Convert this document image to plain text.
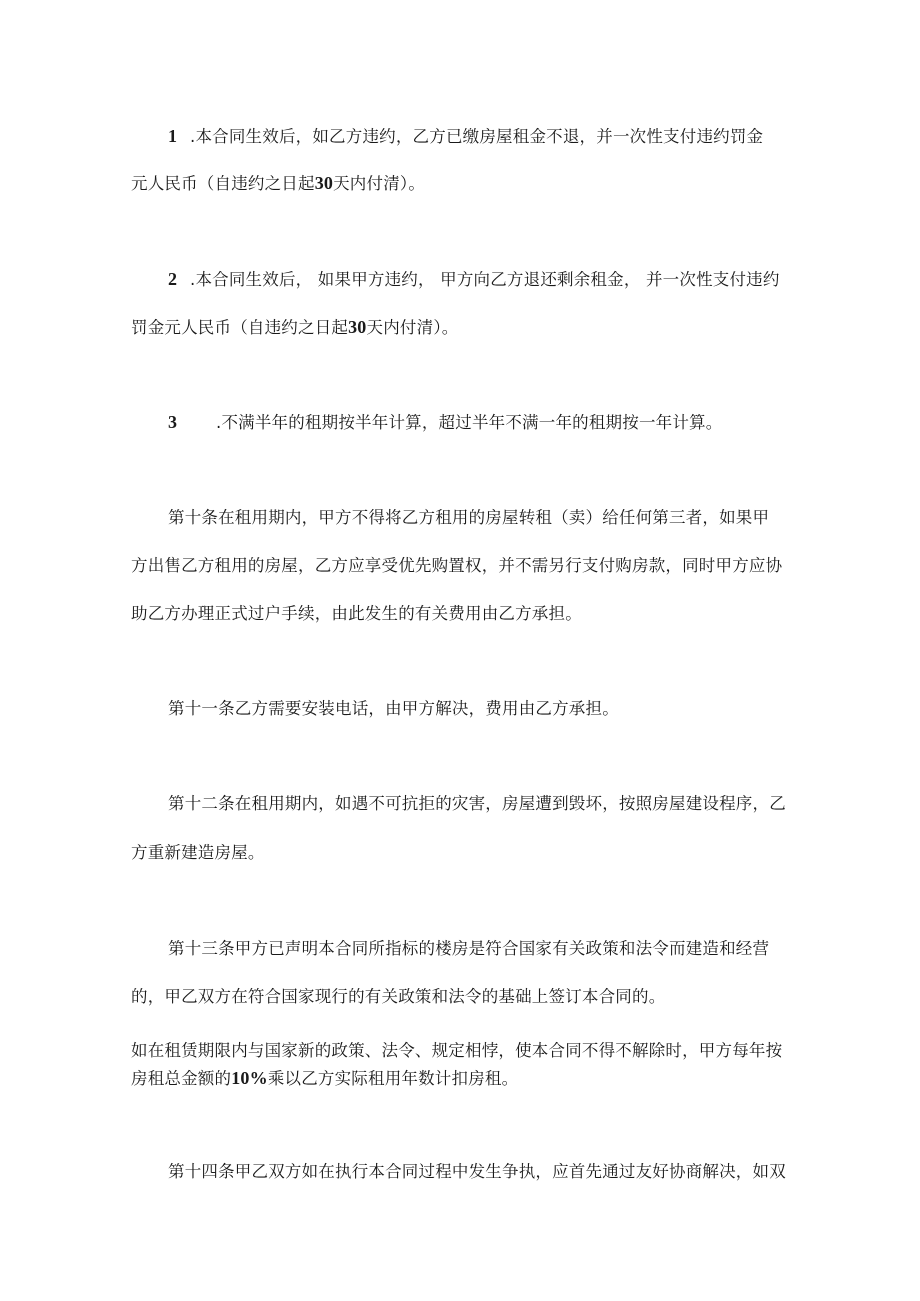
1 .本合同生效后，如乙方违约，乙方已缴房屋租金不退，并一次性支付违约罚金
元人民币（自违约之日起30天内付清）。
2 .本合同生效后， 如果甲方违约， 甲方向乙方退还剩余租金， 并一次性支付违约
罚金元人民币（自违约之日起30天内付清）。
3 .不满半年的租期按半年计算，超过半年不满一年的租期按一年计算。
第十条在租用期内，甲方不得将乙方租用的房屋转租（卖）给任何第三者，如果甲
方出售乙方租用的房屋，乙方应享受优先购置权，并不需另行支付购房款，同时甲方应协
助乙方办理正式过户手续，由此发生的有关费用由乙方承担。
第十一条乙方需要安装电话，由甲方解决，费用由乙方承担。
第十二条在租用期内，如遇不可抗拒的灾害，房屋遭到毁坏，按照房屋建设程序，乙
方重新建造房屋。
第十三条甲方已声明本合同所指标的楼房是符合国家有关政策和法令而建造和经营
的，甲乙双方在符合国家现行的有关政策和法令的基础上签订本合同的。
如在租赁期限内与国家新的政策、法令、规定相悖，使本合同不得不解除时，甲方每年按
房租总金额的10%乘以乙方实际租用年数计扣房租。
第十四条甲乙双方如在执行本合同过程中发生争执，应首先通过友好协商解决，如双
